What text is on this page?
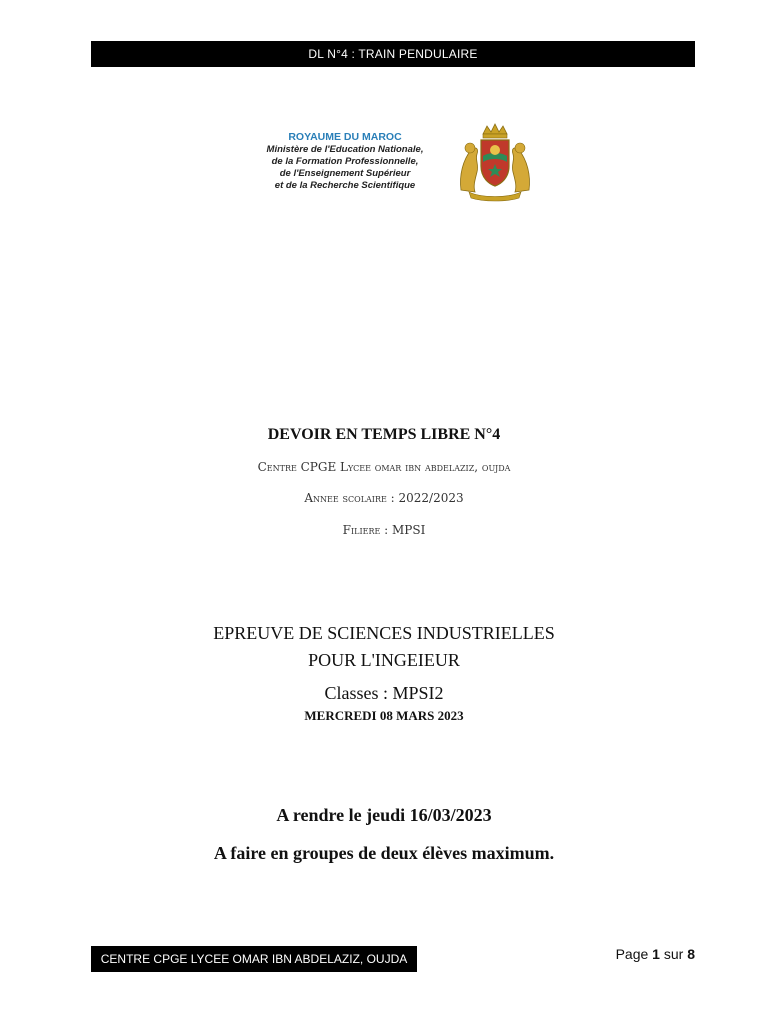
DL N°4 : TRAIN PENDULAIRE
ROYAUME DU MAROC
Ministère de l'Education Nationale,
de la Formation Professionnelle,
de l'Enseignement Supérieur
et de la Recherche Scientifique
DEVOIR EN TEMPS LIBRE N°4
Centre CPGE Lycee omar ibn abdelaziz, oujda
Annee scolaire : 2022/2023
Filiere : MPSI
EPREUVE DE SCIENCES INDUSTRIELLES
POUR L'INGEIEUR
Classes : MPSI2
MERCREDI 08 MARS 2023
A rendre le jeudi 16/03/2023
A faire en groupes de deux élèves maximum.
CENTRE CPGE LYCEE OMAR IBN ABDELAZIZ, OUJDA	Page 1 sur 8
